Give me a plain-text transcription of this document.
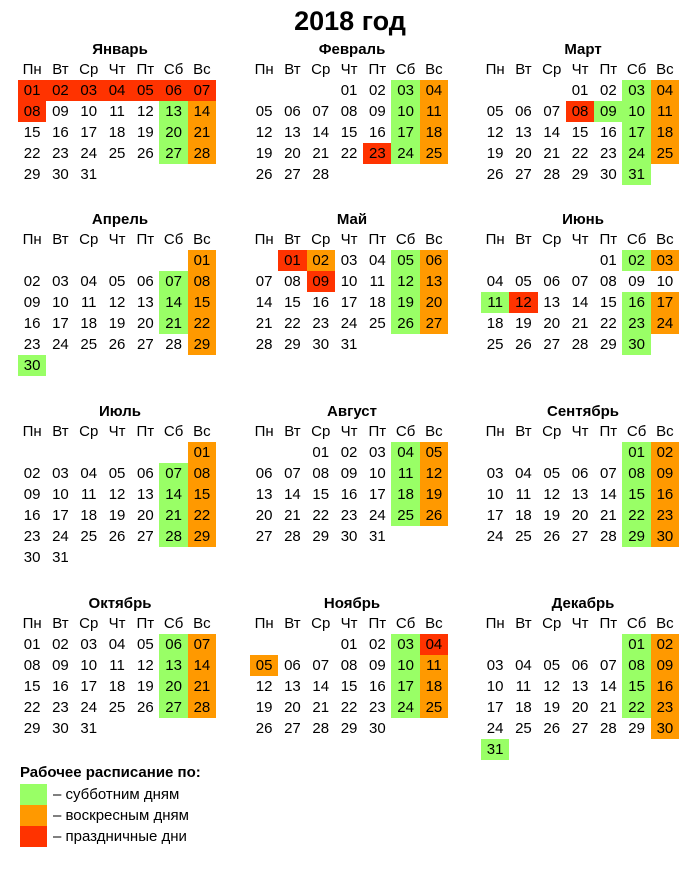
2018 год
Январь
Пн	Вт	Ср	Чт	Пт	Сб	Вс
01	02	03	04	05	06	07
08	09	10	11	12	13	14
15	16	17	18	19	20	21
22	23	24	25	26	27	28
29	30	31				

Февраль
Пн	Вт	Ср	Чт	Пт	Сб	Вс
			01	02	03	04
05	06	07	08	09	10	11
12	13	14	15	16	17	18
19	20	21	22	23	24	25
26	27	28				

Март
Пн	Вт	Ср	Чт	Пт	Сб	Вс
			01	02	03	04
05	06	07	08	09	10	11
12	13	14	15	16	17	18
19	20	21	22	23	24	25
26	27	28	29	30	31	

Апрель
Пн	Вт	Ср	Чт	Пт	Сб	Вс
						01
02	03	04	05	06	07	08
09	10	11	12	13	14	15
16	17	18	19	20	21	22
23	24	25	26	27	28	29
30						
Май
Пн	Вт	Ср	Чт	Пт	Сб	Вс
	01	02	03	04	05	06
07	08	09	10	11	12	13
14	15	16	17	18	19	20
21	22	23	24	25	26	27
28	29	30	31			

Июнь
Пн	Вт	Ср	Чт	Пт	Сб	Вс
				01	02	03
04	05	06	07	08	09	10
11	12	13	14	15	16	17
18	19	20	21	22	23	24
25	26	27	28	29	30	

Июль
Пн	Вт	Ср	Чт	Пт	Сб	Вс
						01
02	03	04	05	06	07	08
09	10	11	12	13	14	15
16	17	18	19	20	21	22
23	24	25	26	27	28	29
30	31					
Август
Пн	Вт	Ср	Чт	Пт	Сб	Вс
		01	02	03	04	05
06	07	08	09	10	11	12
13	14	15	16	17	18	19
20	21	22	23	24	25	26
27	28	29	30	31		

Сентябрь
Пн	Вт	Ср	Чт	Пт	Сб	Вс
					01	02
03	04	05	06	07	08	09
10	11	12	13	14	15	16
17	18	19	20	21	22	23
24	25	26	27	28	29	30

Октябрь
Пн	Вт	Ср	Чт	Пт	Сб	Вс
01	02	03	04	05	06	07
08	09	10	11	12	13	14
15	16	17	18	19	20	21
22	23	24	25	26	27	28
29	30	31				

Ноябрь
Пн	Вт	Ср	Чт	Пт	Сб	Вс
			01	02	03	04
05	06	07	08	09	10	11
12	13	14	15	16	17	18
19	20	21	22	23	24	25
26	27	28	29	30		

Декабрь
Пн	Вт	Ср	Чт	Пт	Сб	Вс
					01	02
03	04	05	06	07	08	09
10	11	12	13	14	15	16
17	18	19	20	21	22	23
24	25	26	27	28	29	30
31						
Рабочее расписание по:
– субботним дням
– воскресным дням
– праздничные дни
